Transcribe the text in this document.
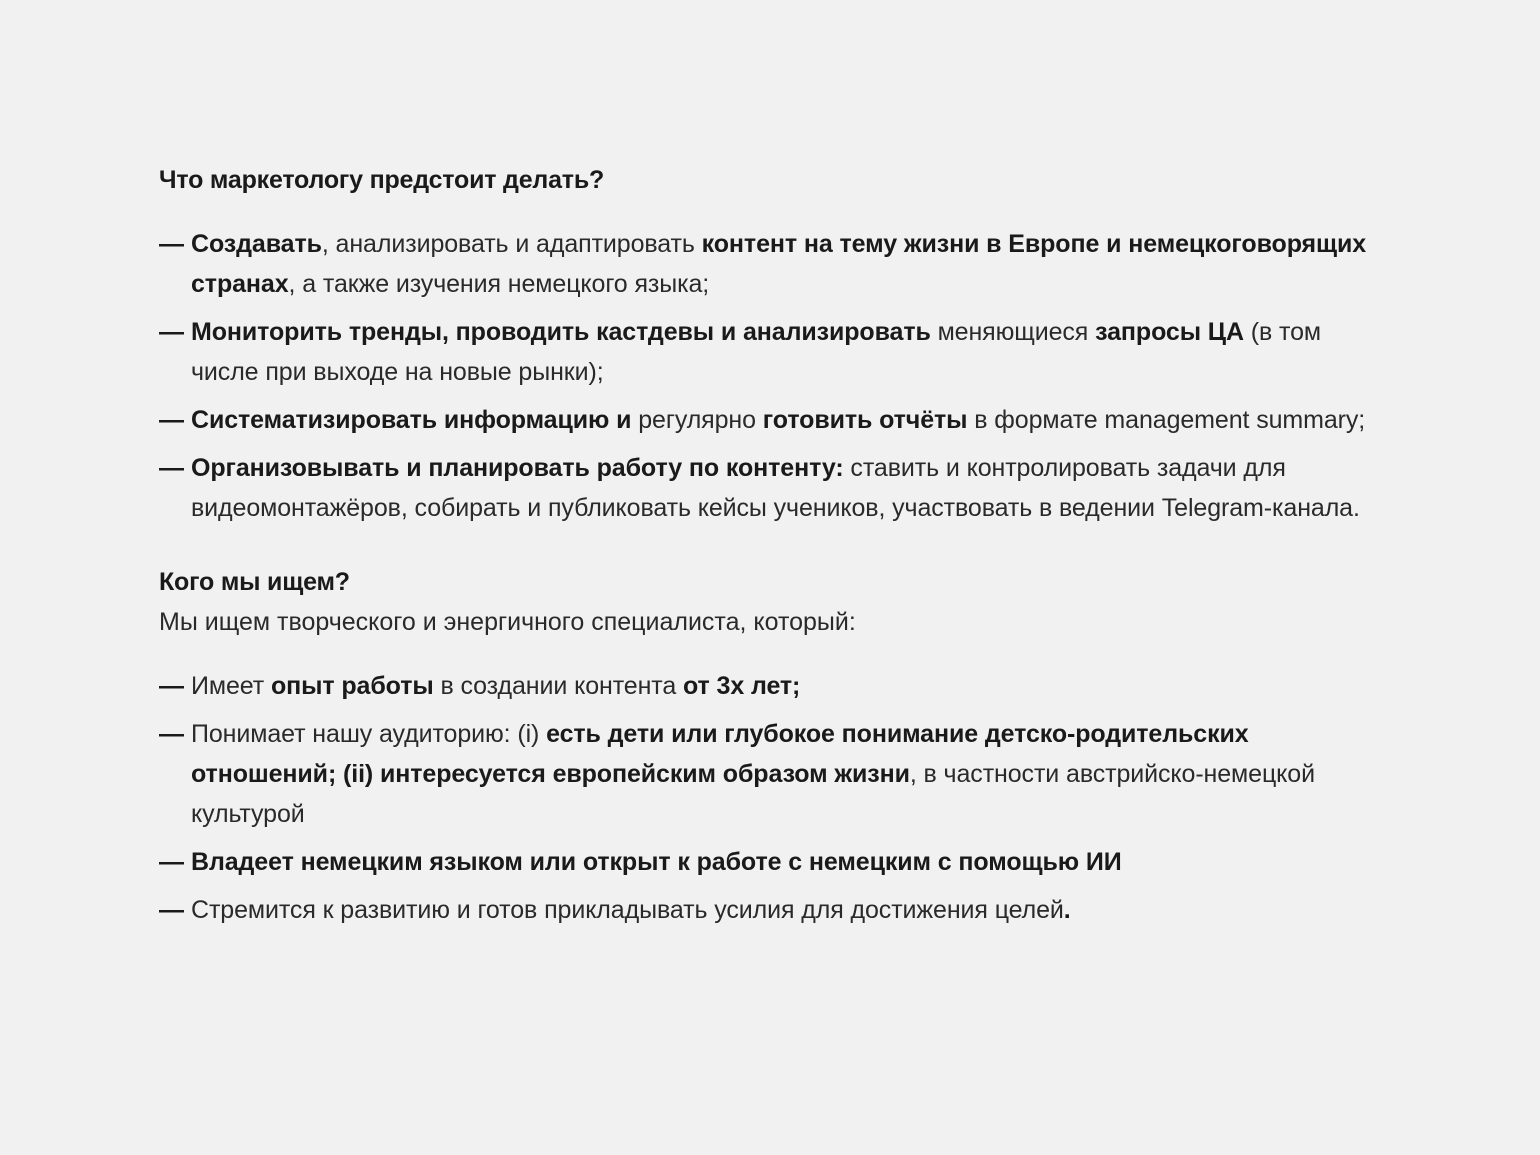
Что маркетологу предстоит делать?
— Создавать, анализировать и адаптировать контент на тему жизни в Европе и немецкоговорящих странах, а также изучения немецкого языка;
— Мониторить тренды, проводить кастдевы и анализировать меняющиеся запросы ЦА (в том числе при выходе на новые рынки);
— Систематизировать информацию и регулярно готовить отчёты в формате management summary;
— Организовывать и планировать работу по контенту: ставить и контролировать задачи для видеомонтажёров, собирать и публиковать кейсы учеников, участвовать в ведении Telegram-канала.
Кого мы ищем?

Мы ищем творческого и энергичного специалиста, который:

— Имеет опыт работы в создании контента от 3х лет;
— Понимает нашу аудиторию: (i) есть дети или глубокое понимание детско-родительских отношений; (ii) интересуется европейским образом жизни, в частности австрийско-немецкой культурой
— Владеет немецким языком или открыт к работе с немецким с помощью ИИ
— Стремится к развитию и готов прикладывать усилия для достижения целей.
